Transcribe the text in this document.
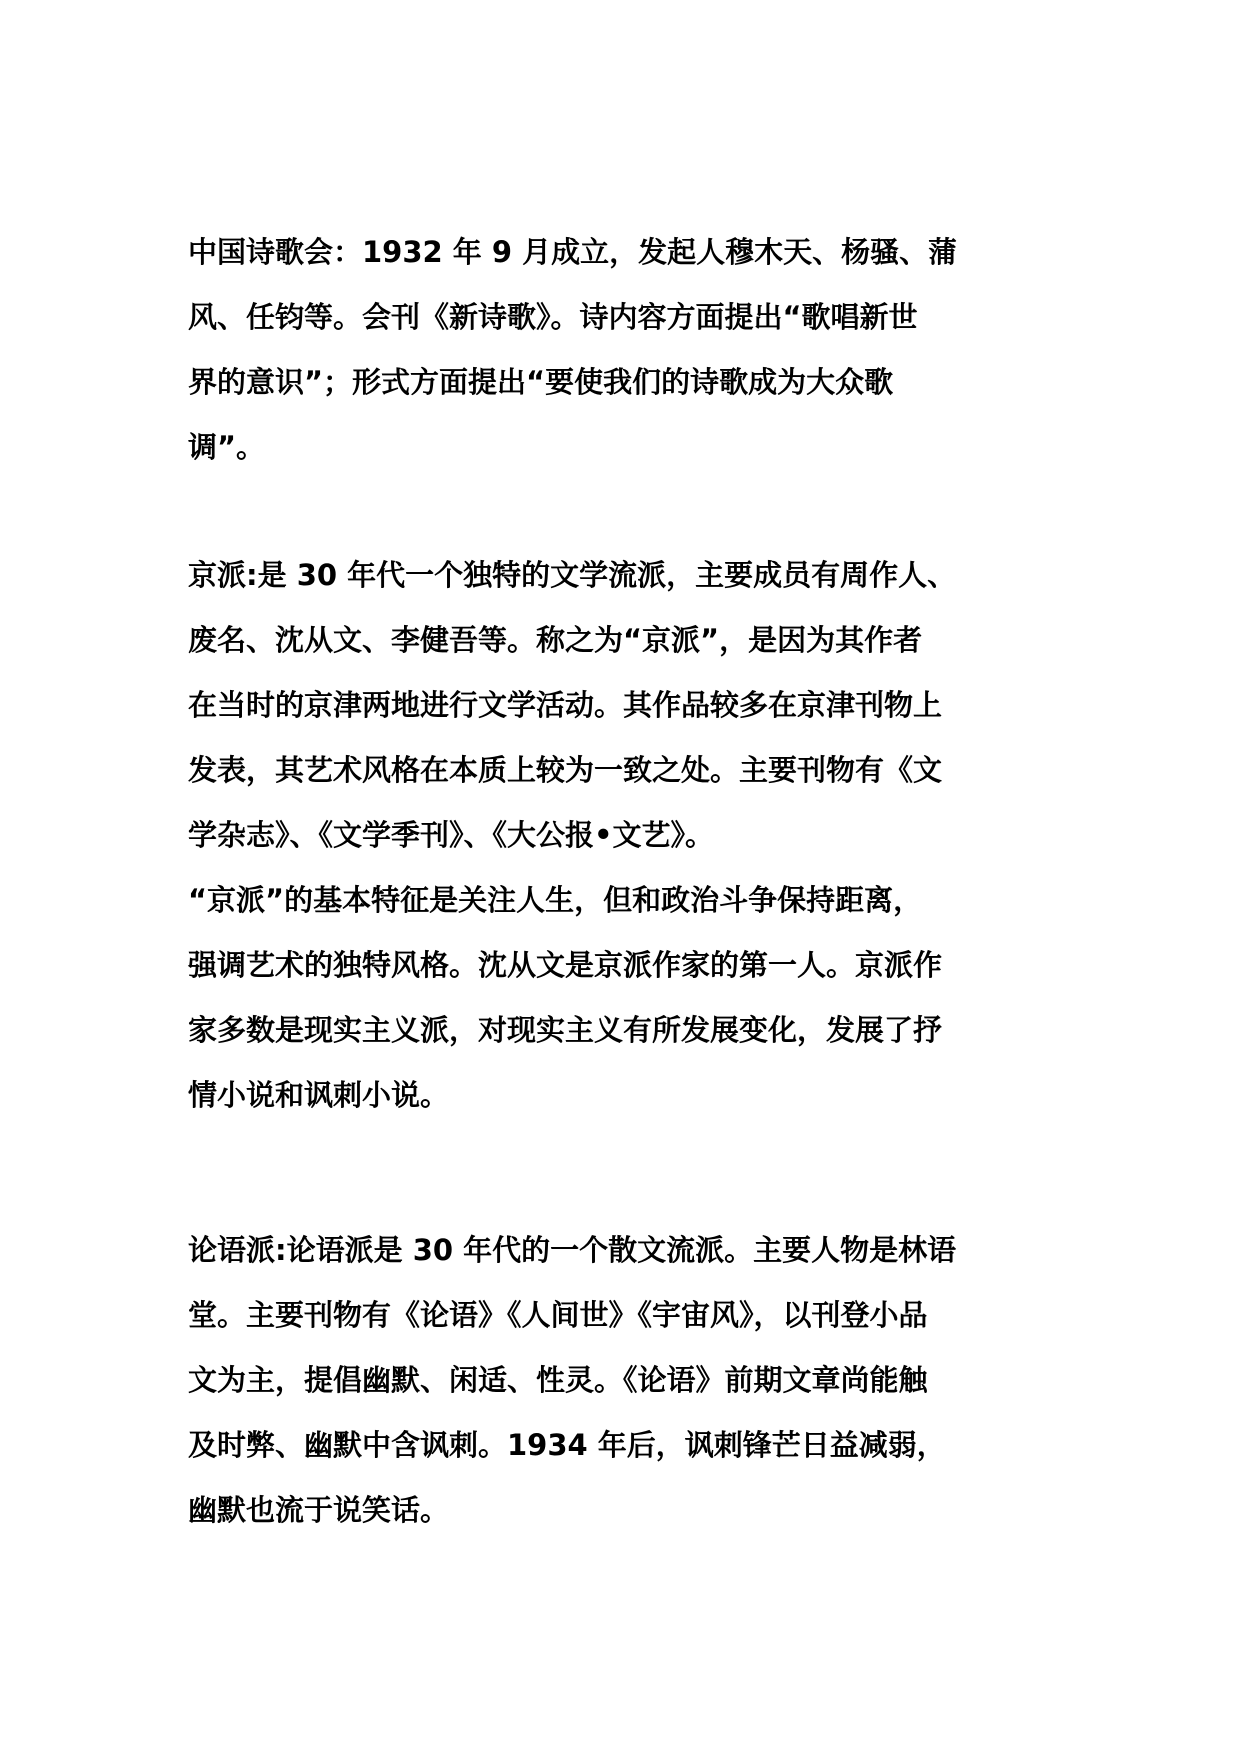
中国诗歌会：1932 年 9 月成立，发起人穆木天、杨骚、蒲
风、任钧等。会刊《新诗歌》。诗内容方面提出“歌唱新世
界的意识”；形式方面提出“要使我们的诗歌成为大众歌
调”。

京派:是 30 年代一个独特的文学流派，主要成员有周作人、
废名、沈从文、李健吾等。称之为“京派”，是因为其作者
在当时的京津两地进行文学活动。其作品较多在京津刊物上
发表，其艺术风格在本质上较为一致之处。主要刊物有《文
学杂志》、《文学季刊》、《大公报•文艺》。
“京派”的基本特征是关注人生，但和政治斗争保持距离，
强调艺术的独特风格。沈从文是京派作家的第一人。京派作
家多数是现实主义派，对现实主义有所发展变化，发展了抒
情小说和讽刺小说。

论语派:论语派是 30 年代的一个散文流派。主要人物是林语
堂。主要刊物有《论语》《人间世》《宇宙风》，以刊登小品
文为主，提倡幽默、闲适、性灵。《论语》前期文章尚能触
及时弊、幽默中含讽刺。1934 年后，讽刺锋芒日益减弱，
幽默也流于说笑话。
